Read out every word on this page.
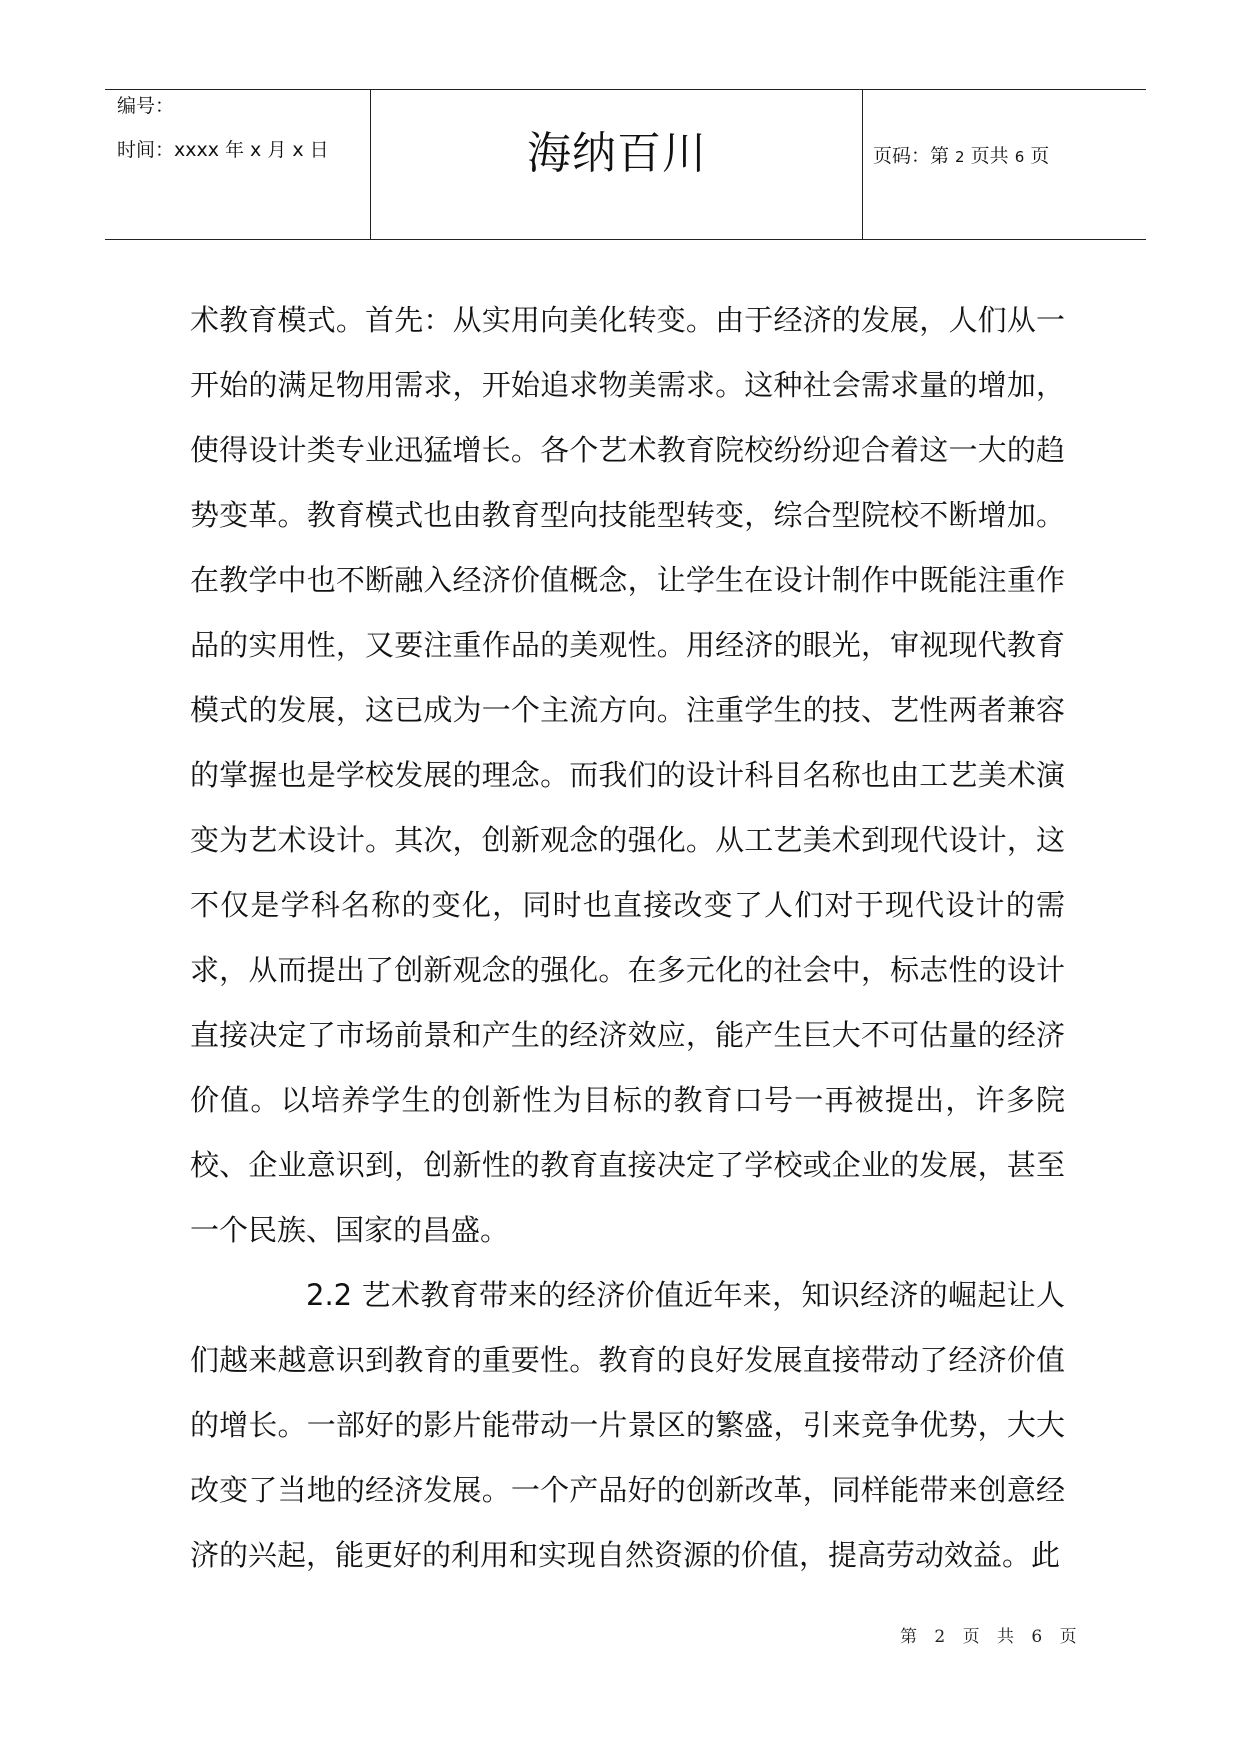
编号：
时间：xxxx 年 x 月 x 日	海纳百川	页码：第 2 页共 6 页

术教育模式。首先：从实用向美化转变。由于经济的发展，人们从一开始的满足物用需求，开始追求物美需求。这种社会需求量的增加，使得设计类专业迅猛增长。各个艺术教育院校纷纷迎合着这一大的趋势变革。教育模式也由教育型向技能型转变，综合型院校不断增加。在教学中也不断融入经济价值概念，让学生在设计制作中既能注重作品的实用性，又要注重作品的美观性。用经济的眼光，审视现代教育模式的发展，这已成为一个主流方向。注重学生的技、艺性两者兼容的掌握也是学校发展的理念。而我们的设计科目名称也由工艺美术演变为艺术设计。其次，创新观念的强化。从工艺美术到现代设计，这不仅是学科名称的变化，同时也直接改变了人们对于现代设计的需求，从而提出了创新观念的强化。在多元化的社会中，标志性的设计直接决定了市场前景和产生的经济效应，能产生巨大不可估量的经济价值。以培养学生的创新性为目标的教育口号一再被提出，许多院校、企业意识到，创新性的教育直接决定了学校或企业的发展，甚至一个民族、国家的昌盛。

2.2 艺术教育带来的经济价值近年来，知识经济的崛起让人们越来越意识到教育的重要性。教育的良好发展直接带动了经济价值的增长。一部好的影片能带动一片景区的繁盛，引来竞争优势，大大改变了当地的经济发展。一个产品好的创新改革，同样能带来创意经济的兴起，能更好的利用和实现自然资源的价值，提高劳动效益。此

第 2 页 共 6 页
